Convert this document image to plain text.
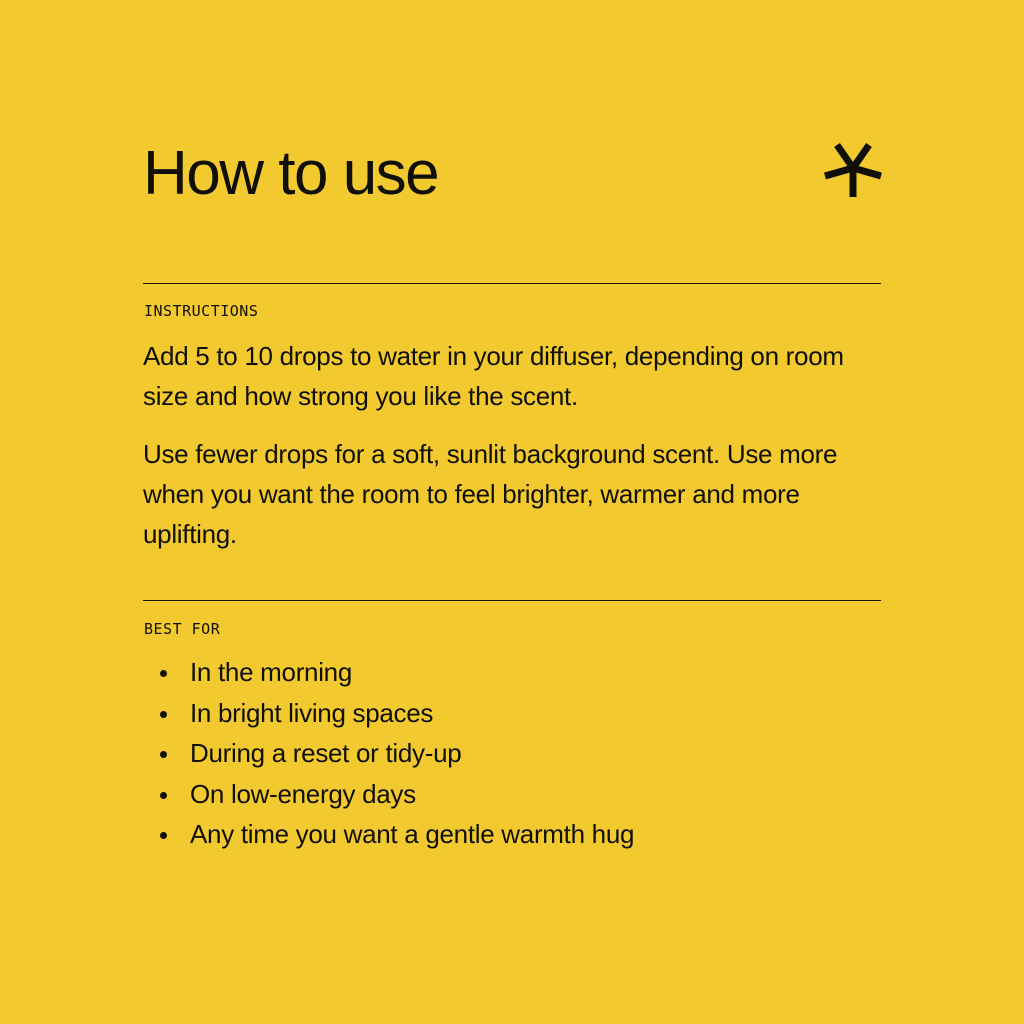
How to use
INSTRUCTIONS
Add 5 to 10 drops to water in your diffuser, depending on room size and how strong you like the scent.
Use fewer drops for a soft, sunlit background scent. Use more when you want the room to feel brighter, warmer and more uplifting.
BEST FOR
In the morning
In bright living spaces
During a reset or tidy-up
On low-energy days
Any time you want a gentle warmth hug
